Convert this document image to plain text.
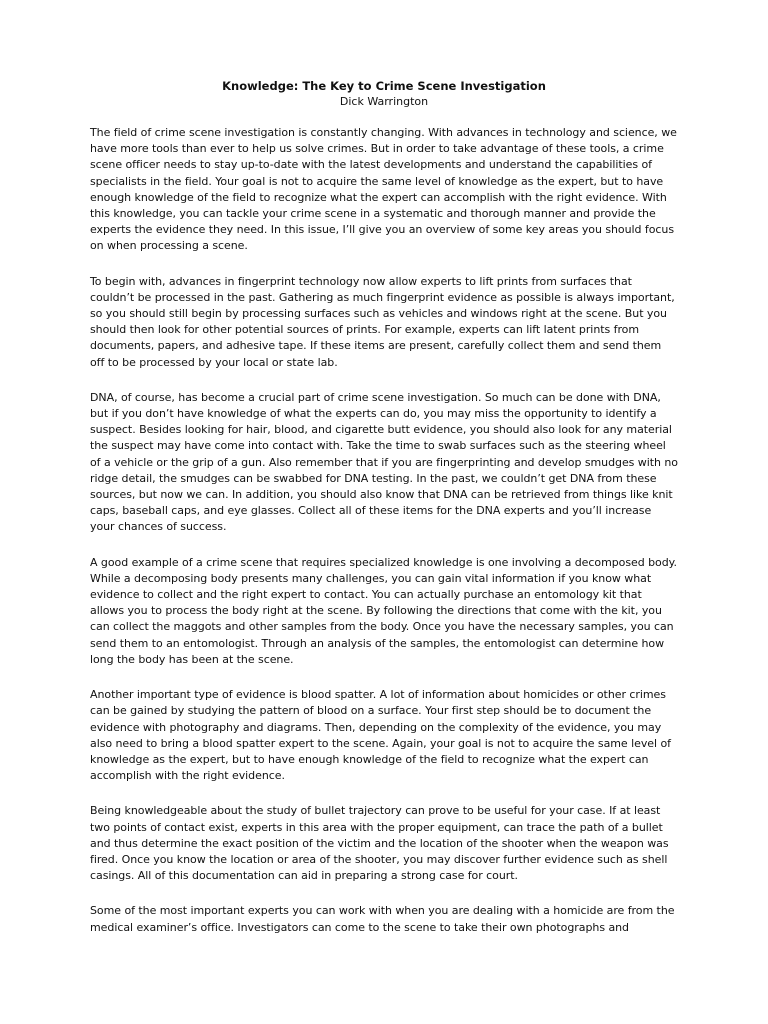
Knowledge: The Key to Crime Scene Investigation

Dick Warrington

The field of crime scene investigation is constantly changing. With advances in technology and science, we have more tools than ever to help us solve crimes. But in order to take advantage of these tools, a crime scene officer needs to stay up-to-date with the latest developments and understand the capabilities of specialists in the field. Your goal is not to acquire the same level of knowledge as the expert, but to have enough knowledge of the field to recognize what the expert can accomplish with the right evidence. With this knowledge, you can tackle your crime scene in a systematic and thorough manner and provide the experts the evidence they need. In this issue, I’ll give you an overview of some key areas you should focus on when processing a scene.

To begin with, advances in fingerprint technology now allow experts to lift prints from surfaces that couldn’t be processed in the past. Gathering as much fingerprint evidence as possible is always important, so you should still begin by processing surfaces such as vehicles and windows right at the scene. But you should then look for other potential sources of prints. For example, experts can lift latent prints from documents, papers, and adhesive tape. If these items are present, carefully collect them and send them off to be processed by your local or state lab.

DNA, of course, has become a crucial part of crime scene investigation. So much can be done with DNA, but if you don’t have knowledge of what the experts can do, you may miss the opportunity to identify a suspect. Besides looking for hair, blood, and cigarette butt evidence, you should also look for any material the suspect may have come into contact with. Take the time to swab surfaces such as the steering wheel of a vehicle or the grip of a gun. Also remember that if you are fingerprinting and develop smudges with no ridge detail, the smudges can be swabbed for DNA testing. In the past, we couldn’t get DNA from these sources, but now we can. In addition, you should also know that DNA can be retrieved from things like knit caps, baseball caps, and eye glasses. Collect all of these items for the DNA experts and you’ll increase your chances of success.

A good example of a crime scene that requires specialized knowledge is one involving a decomposed body. While a decomposing body presents many challenges, you can gain vital information if you know what evidence to collect and the right expert to contact. You can actually purchase an entomology kit that allows you to process the body right at the scene. By following the directions that come with the kit, you can collect the maggots and other samples from the body. Once you have the necessary samples, you can send them to an entomologist. Through an analysis of the samples, the entomologist can determine how long the body has been at the scene.

Another important type of evidence is blood spatter. A lot of information about homicides or other crimes can be gained by studying the pattern of blood on a surface. Your first step should be to document the evidence with photography and diagrams. Then, depending on the complexity of the evidence, you may also need to bring a blood spatter expert to the scene. Again, your goal is not to acquire the same level of knowledge as the expert, but to have enough knowledge of the field to recognize what the expert can accomplish with the right evidence.

Being knowledgeable about the study of bullet trajectory can prove to be useful for your case. If at least two points of contact exist, experts in this area with the proper equipment, can trace the path of a bullet and thus determine the exact position of the victim and the location of the shooter when the weapon was fired. Once you know the location or area of the shooter, you may discover further evidence such as shell casings. All of this documentation can aid in preparing a strong case for court.

Some of the most important experts you can work with when you are dealing with a homicide are from the medical examiner’s office. Investigators can come to the scene to take their own photographs and
